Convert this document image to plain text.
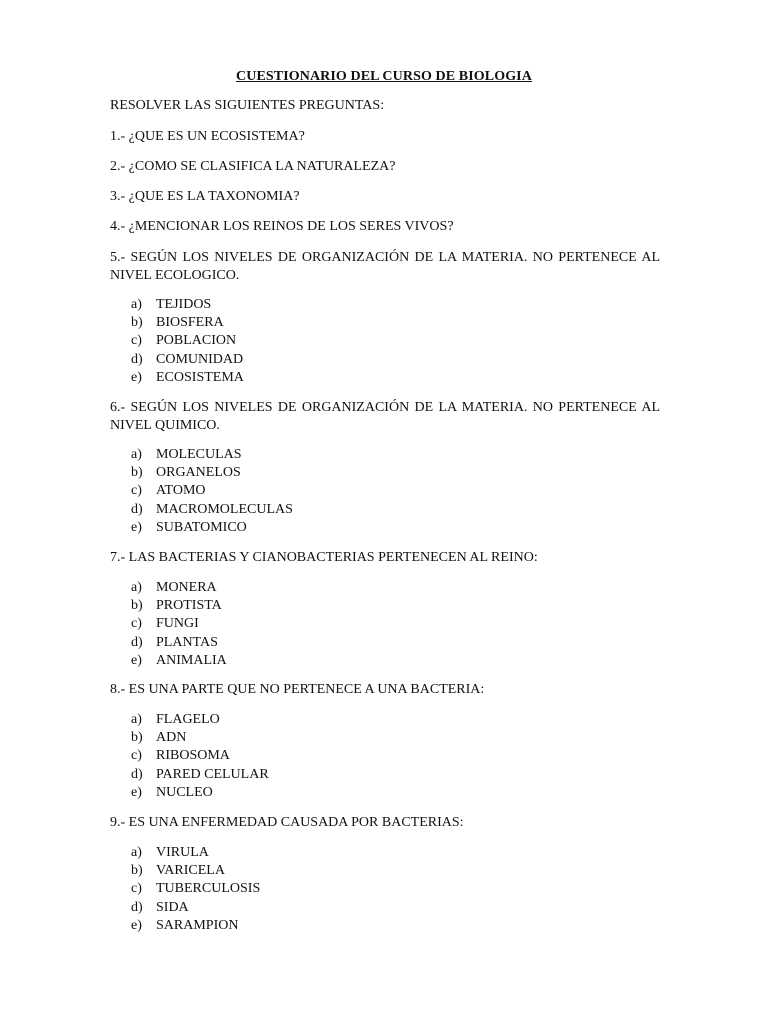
CUESTIONARIO DEL CURSO DE BIOLOGIA
RESOLVER LAS SIGUIENTES PREGUNTAS:
1.- ¿QUE ES UN ECOSISTEMA?
2.- ¿COMO SE CLASIFICA LA NATURALEZA?
3.- ¿QUE ES LA TAXONOMIA?
4.- ¿MENCIONAR LOS REINOS DE LOS SERES VIVOS?
5.- SEGÚN LOS NIVELES DE ORGANIZACIÓN DE LA MATERIA. NO PERTENECE AL NIVEL ECOLOGICO.
a) TEJIDOS
b) BIOSFERA
c) POBLACION
d) COMUNIDAD
e) ECOSISTEMA
6.- SEGÚN LOS NIVELES DE ORGANIZACIÓN DE LA MATERIA. NO PERTENECE AL NIVEL QUIMICO.
a) MOLECULAS
b) ORGANELOS
c) ATOMO
d) MACROMOLECULAS
e) SUBATOMICO
7.- LAS BACTERIAS Y CIANOBACTERIAS PERTENECEN AL REINO:
a) MONERA
b) PROTISTA
c) FUNGI
d) PLANTAS
e) ANIMALIA
8.- ES UNA PARTE QUE NO PERTENECE A UNA BACTERIA:
a) FLAGELO
b) ADN
c) RIBOSOMA
d) PARED CELULAR
e) NUCLEO
9.- ES UNA ENFERMEDAD CAUSADA POR BACTERIAS:
a) VIRULA
b) VARICELA
c) TUBERCULOSIS
d) SIDA
e) SARAMPION
